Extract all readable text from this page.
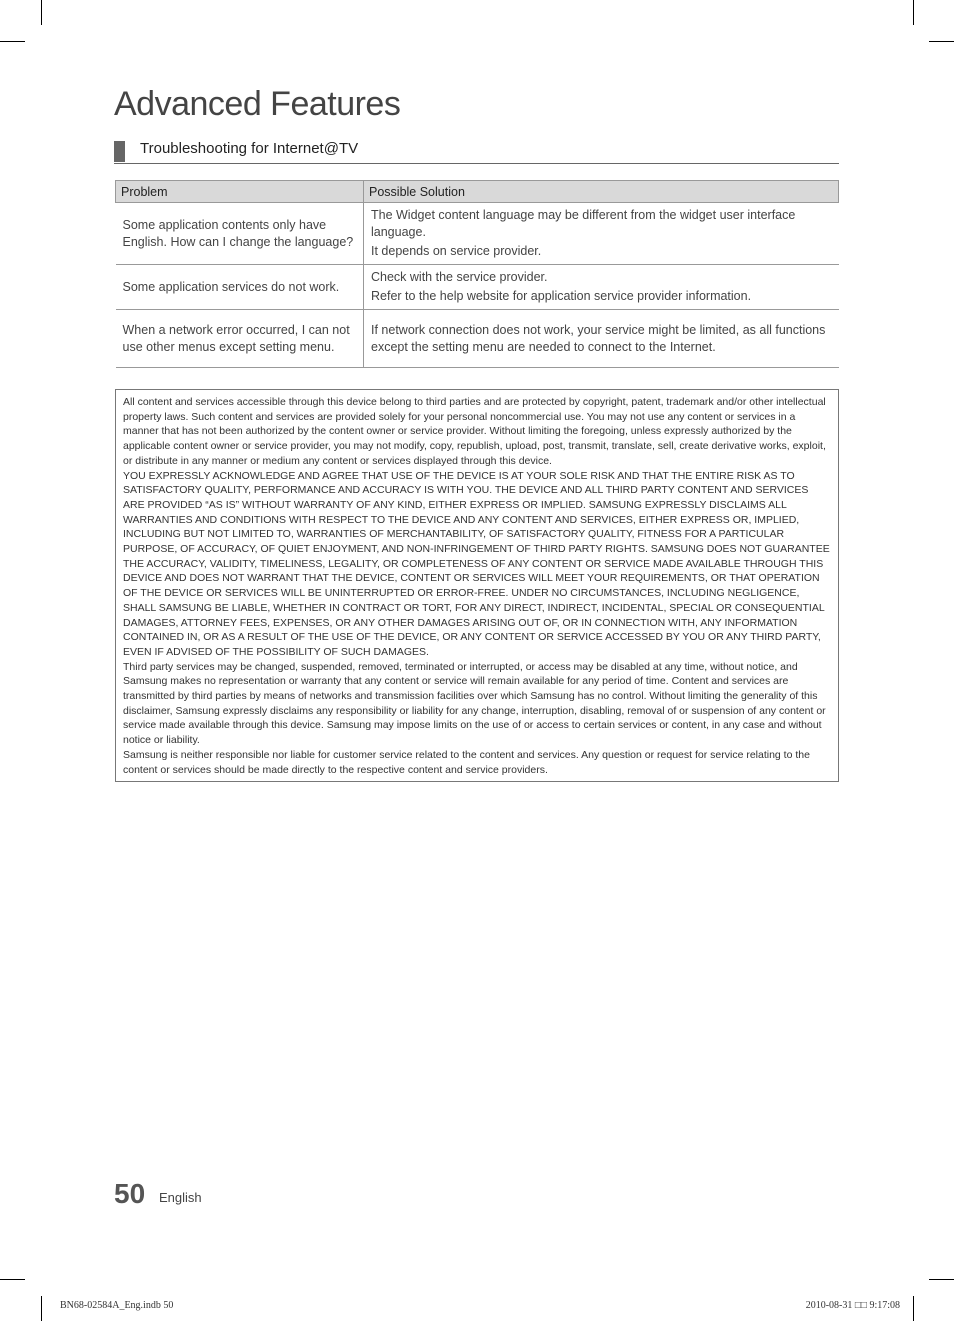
Advanced Features
Troubleshooting for Internet@TV
Problem	Possible Solution
Some application contents only have English. How can I change the language?	The Widget content language may be different from the widget user interface language.
It depends on service provider.

Some application services do not work.	Check with the service provider.
Refer to the help website for application service provider information.

When a network error occurred, I can not use other menus except setting menu.	If network connection does not work, your service might be limited, as all functions except the setting menu are needed to connect to the Internet.

All content and services accessible through this device belong to third parties and are protected by copyright, patent, trademark and/or other intellectual property laws. Such content and services are provided solely for your personal noncommercial use. You may not use any content or services in a manner that has not been authorized by the content owner or service provider. Without limiting the foregoing, unless expressly authorized by the applicable content owner or service provider, you may not modify, copy, republish, upload, post, transmit, translate, sell, create derivative works, exploit, or distribute in any manner or medium any content or services displayed through this device.

YOU EXPRESSLY ACKNOWLEDGE AND AGREE THAT USE OF THE DEVICE IS AT YOUR SOLE RISK AND THAT THE ENTIRE RISK AS TO SATISFACTORY QUALITY, PERFORMANCE AND ACCURACY IS WITH YOU. THE DEVICE AND ALL THIRD PARTY CONTENT AND SERVICES ARE PROVIDED “AS IS” WITHOUT WARRANTY OF ANY KIND, EITHER EXPRESS OR IMPLIED. SAMSUNG EXPRESSLY DISCLAIMS ALL WARRANTIES AND CONDITIONS WITH RESPECT TO THE DEVICE AND ANY CONTENT AND SERVICES, EITHER EXPRESS OR, IMPLIED, INCLUDING BUT NOT LIMITED TO, WARRANTIES OF MERCHANTABILITY, OF SATISFACTORY QUALITY, FITNESS FOR A PARTICULAR PURPOSE, OF ACCURACY, OF QUIET ENJOYMENT, AND NON-INFRINGEMENT OF THIRD PARTY RIGHTS. SAMSUNG DOES NOT GUARANTEE THE ACCURACY, VALIDITY, TIMELINESS, LEGALITY, OR COMPLETENESS OF ANY CONTENT OR SERVICE MADE AVAILABLE THROUGH THIS DEVICE AND DOES NOT WARRANT THAT THE DEVICE, CONTENT OR SERVICES WILL MEET YOUR REQUIREMENTS, OR THAT OPERATION OF THE DEVICE OR SERVICES WILL BE UNINTERRUPTED OR ERROR-FREE. UNDER NO CIRCUMSTANCES, INCLUDING NEGLIGENCE, SHALL SAMSUNG BE LIABLE, WHETHER IN CONTRACT OR TORT, FOR ANY DIRECT, INDIRECT, INCIDENTAL, SPECIAL OR CONSEQUENTIAL DAMAGES, ATTORNEY FEES, EXPENSES, OR ANY OTHER DAMAGES ARISING OUT OF, OR IN CONNECTION WITH, ANY INFORMATION CONTAINED IN, OR AS A RESULT OF THE USE OF THE DEVICE, OR ANY CONTENT OR SERVICE ACCESSED BY YOU OR ANY THIRD PARTY, EVEN IF ADVISED OF THE POSSIBILITY OF SUCH DAMAGES.

Third party services may be changed, suspended, removed, terminated or interrupted, or access may be disabled at any time, without notice, and Samsung makes no representation or warranty that any content or service will remain available for any period of time. Content and services are transmitted by third parties by means of networks and transmission facilities over which Samsung has no control. Without limiting the generality of this disclaimer, Samsung expressly disclaims any responsibility or liability for any change, interruption, disabling, removal of or suspension of any content or service made available through this device. Samsung may impose limits on the use of or access to certain services or content, in any case and without notice or liability.

Samsung is neither responsible nor liable for customer service related to the content and services. Any question or request for service relating to the content or services should be made directly to the respective content and service providers.

50 English
BN68-02584A_Eng.indb 50	2010-08-31 □□ 9:17:08
